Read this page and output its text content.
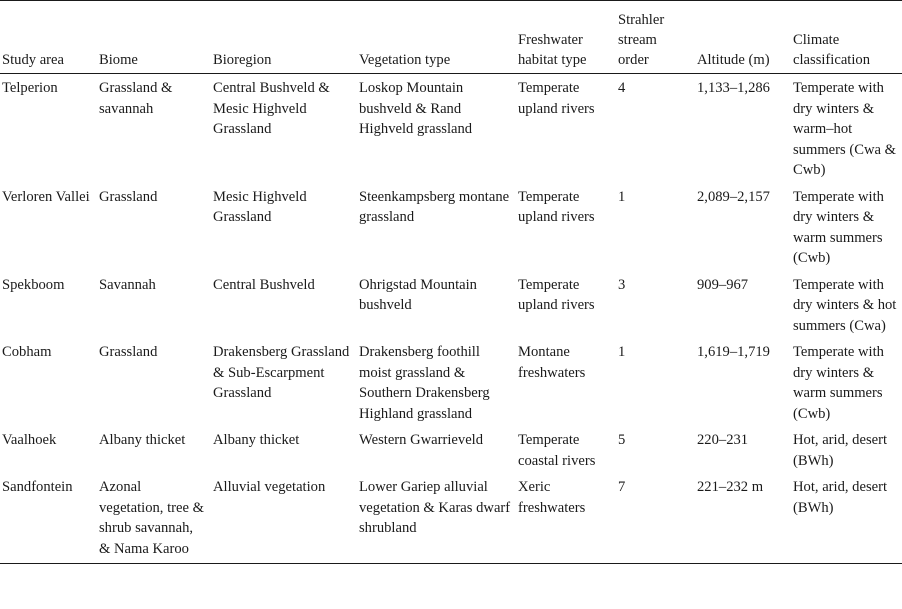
Study area	Biome	Bioregion	Vegetation type	Freshwater habitat type	Strahler stream order	Altitude (m)	Climate classification
Telperion	Grassland & savannah	Central Bushveld & Mesic Highveld Grassland	Loskop Mountain bushveld & Rand Highveld grassland	Temperate upland rivers	4	1,133–1,286	Temperate with dry winters & warm–hot summers (Cwa & Cwb)
Verloren Vallei	Grassland	Mesic Highveld Grassland	Steenkampsberg montane grassland	Temperate upland rivers	1	2,089–2,157	Temperate with dry winters & warm summers (Cwb)
Spekboom	Savannah	Central Bushveld	Ohrigstad Mountain bushveld	Temperate upland rivers	3	909–967	Temperate with dry winters & hot summers (Cwa)
Cobham	Grassland	Drakensberg Grassland & Sub-Escarpment Grassland	Drakensberg foothill moist grassland & Southern Drakensberg Highland grassland	Montane freshwaters	1	1,619–1,719	Temperate with dry winters & warm summers (Cwb)
Vaalhoek	Albany thicket	Albany thicket	Western Gwarrieveld	Temperate coastal rivers	5	220–231	Hot, arid, desert (BWh)
Sandfontein	Azonal vegetation, tree & shrub savannah, & Nama Karoo	Alluvial vegetation	Lower Gariep alluvial vegetation & Karas dwarf shrubland	Xeric freshwaters	7	221–232 m	Hot, arid, desert (BWh)
